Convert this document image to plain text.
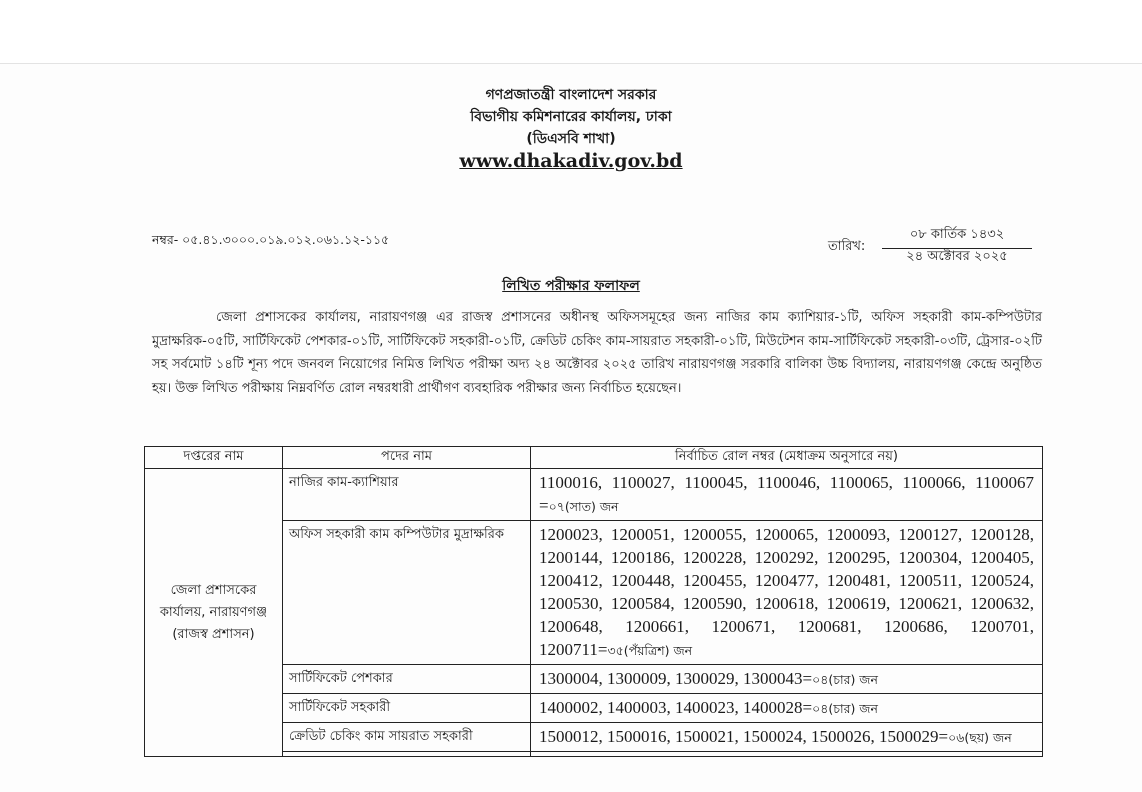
গণপ্রজাতন্ত্রী বাংলাদেশ সরকার
বিভাগীয় কমিশনারের কার্যালয়, ঢাকা
(ডিএসবি শাখা)
www.dhakadiv.gov.bd
নম্বর- ০৫.৪১.৩০০০.০১৯.০১২.০৬১.১২-১১৫	তারিখ:
০৮ কার্তিক ১৪৩২
২৪ অক্টোবর ২০২৫
লিখিত পরীক্ষার ফলাফল
জেলা প্রশাসকের কার্যালয়, নারায়ণগঞ্জ এর রাজস্ব প্রশাসনের অধীনস্থ অফিসসমূহের জন্য নাজির কাম ক্যাশিয়ার-১টি, অফিস সহকারী কাম-কম্পিউটার মুদ্রাক্ষরিক-০৫টি, সার্টিফিকেট পেশকার-০১টি, সার্টিফিকেট সহকারী-০১টি, ক্রেডিট চেকিং কাম-সায়রাত সহকারী-০১টি, মিউটেশন কাম-সার্টিফিকেট সহকারী-০৩টি, ট্রেসার-০২টি সহ সর্বমোট ১৪টি শূন্য পদে জনবল নিয়োগের নিমিত্ত লিখিত পরীক্ষা অদ্য ২৪ অক্টোবর ২০২৫ তারিখ নারায়ণগঞ্জ সরকারি বালিকা উচ্চ বিদ্যালয়, নারায়ণগঞ্জ কেন্দ্রে অনুষ্ঠিত হয়। উক্ত লিখিত পরীক্ষায় নিম্নবর্ণিত রোল নম্বরধারী প্রার্থীগণ ব্যবহারিক পরীক্ষার জন্য নির্বাচিত হয়েছেন।
দপ্তরের নাম	পদের নাম	নির্বাচিত রোল নম্বর (মেধাক্রম অনুসারে নয়)
জেলা প্রশাসকের কার্যালয়, নারায়ণগঞ্জ (রাজস্ব প্রশাসন)	নাজির কাম-ক্যাশিয়ার	1100016, 1100027, 1100045, 1100046, 1100065, 1100066, 1100067 =০৭(সাত) জন
	অফিস সহকারী কাম কম্পিউটার মুদ্রাক্ষরিক	1200023, 1200051, 1200055, 1200065, 1200093, 1200127, 1200128, 1200144, 1200186, 1200228, 1200292, 1200295, 1200304, 1200405, 1200412, 1200448, 1200455, 1200477, 1200481, 1200511, 1200524, 1200530, 1200584, 1200590, 1200618, 1200619, 1200621, 1200632, 1200648, 1200661, 1200671, 1200681, 1200686, 1200701, 1200711=৩৫(পঁয়ত্রিশ) জন
	সার্টিফিকেট পেশকার	1300004, 1300009, 1300029, 1300043=০৪(চার) জন
	সার্টিফিকেট সহকারী	1400002, 1400003, 1400023, 1400028=০৪(চার) জন
	ক্রেডিট চেকিং কাম সায়রাত সহকারী	1500012, 1500016, 1500021, 1500024, 1500026, 1500029=০৬(ছয়) জন
